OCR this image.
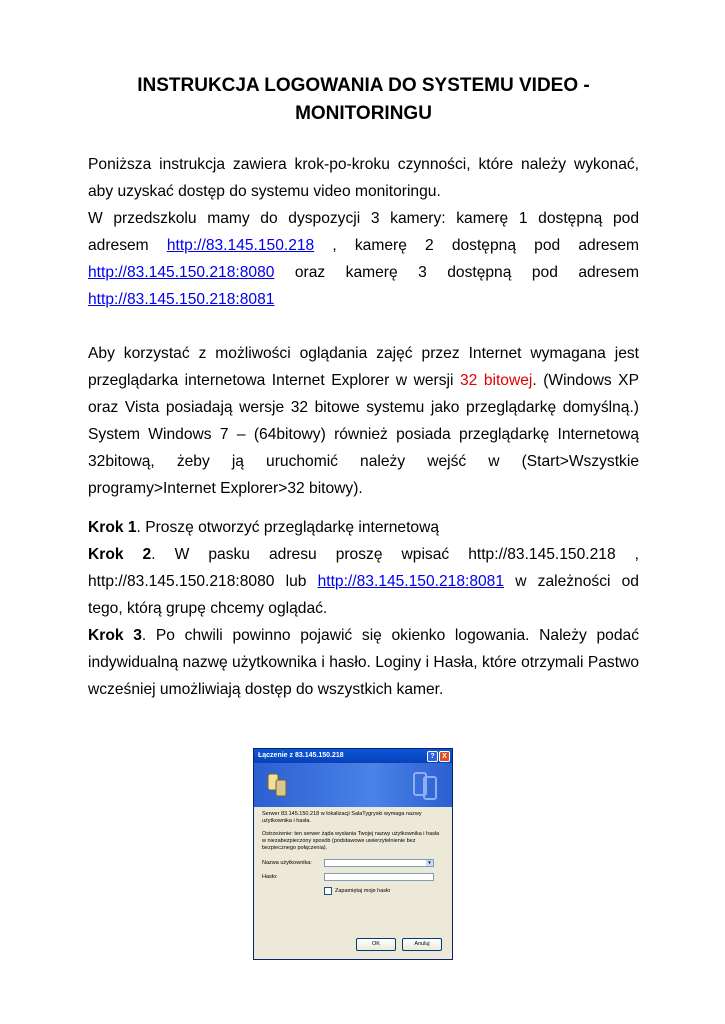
INSTRUKCJA LOGOWANIA DO SYSTEMU VIDEO -
MONITORINGU

Poniższa instrukcja zawiera krok-po-kroku czynności, które należy wykonać, aby uzyskać dostęp do systemu video monitoringu.

W przedszkolu mamy do dyspozycji 3 kamery: kamerę 1 dostępną pod adresem http://83.145.150.218 , kamerę 2 dostępną pod adresem http://83.145.150.218:8080 oraz kamerę 3 dostępną pod adresem http://83.145.150.218:8081

Aby korzystać z możliwości oglądania zajęć przez Internet wymagana jest przeglądarka internetowa Internet Explorer w wersji 32 bitowej. (Windows XP oraz Vista posiadają wersje 32 bitowe systemu jako przeglądarkę domyślną.) System Windows 7 – (64bitowy) również posiada przeglądarkę Internetową 32bitową, żeby ją uruchomić należy wejść w (Start>Wszystkie programy>Internet Explorer>32 bitowy).

Krok 1. Proszę otworzyć przeglądarkę internetową

Krok 2. W pasku adresu proszę wpisać http://83.145.150.218 , http://83.145.150.218:8080 lub http://83.145.150.218:8081 w zależności od tego, którą grupę chcemy oglądać.

Krok 3. Po chwili powinno pojawić się okienko logowania. Należy podać indywidualną nazwę użytkownika i hasło. Loginy i Hasła, które otrzymali Pastwo wcześniej umożliwiają dostęp do wszystkich kamer.

Łączenie z 83.145.150.218	?	X

Serwer 83.145.150.218 w lokalizacji SalaTygryski wymaga nazwy użytkownika i hasła.

Ostrzeżenie: ten serwer żąda wysłania Twojej nazwy użytkownika i hasła w niezabezpieczony sposób (podstawowe uwierzytelnienie bez bezpiecznego połączenia).

Nazwa użytkownika:	▾
Hasło:
Zapamiętaj moje hasło
OK	Anuluj
